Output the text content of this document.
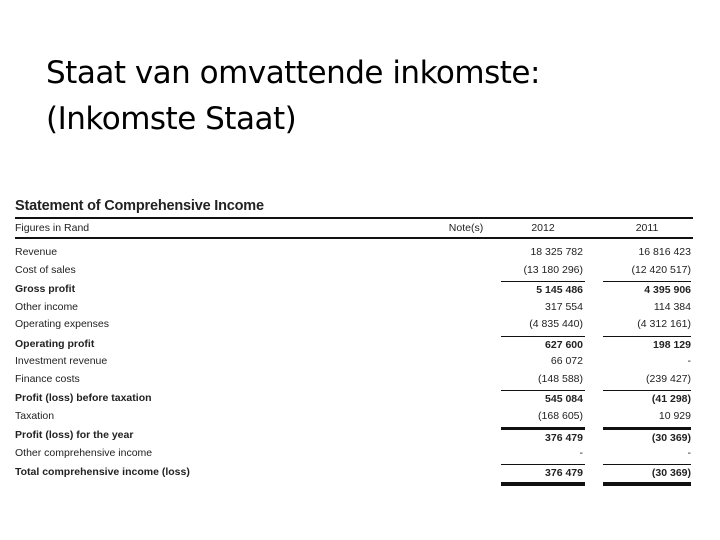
Staat van omvattende inkomste:
(Inkomste Staat)
Statement of Comprehensive Income
Figures in Rand	Note(s)	2012	2011
Revenue	18 325 782	16 816 423
Cost of sales	(13 180 296)	(12 420 517)
Gross profit	5 145 486	4 395 906
Other income	317 554	114 384
Operating expenses	(4 835 440)	(4 312 161)
Operating profit	627 600	198 129
Investment revenue	66 072	-
Finance costs	(148 588)	(239 427)
Profit (loss) before taxation	545 084	(41 298)
Taxation	(168 605)	10 929
Profit (loss) for the year	376 479	(30 369)
Other comprehensive income	-	-
Total comprehensive income (loss)	376 479	(30 369)
